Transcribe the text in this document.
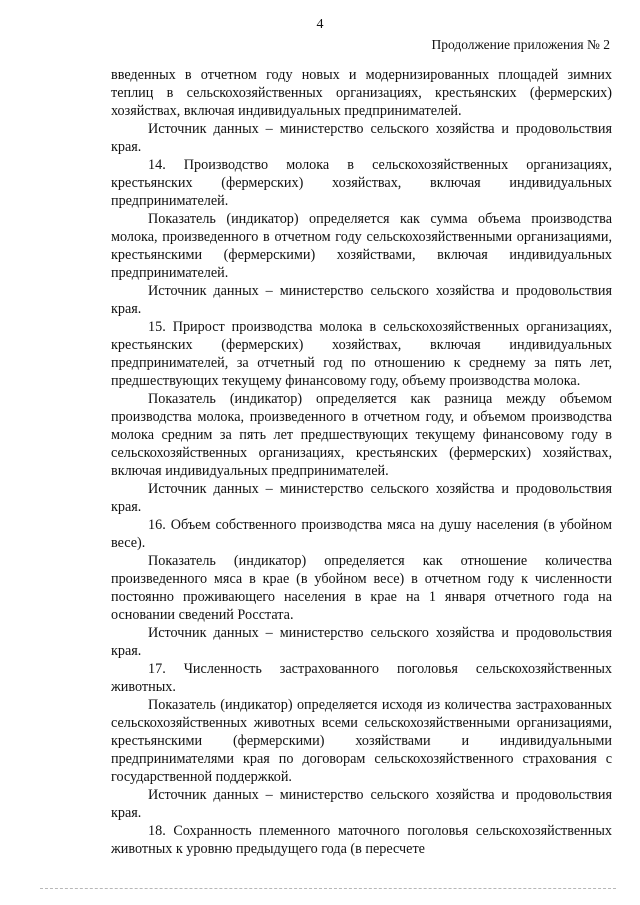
4
Продолжение приложения № 2

введенных в отчетном году новых и модернизированных площадей зимних теплиц в сельскохозяйственных организациях, крестьянских (фермерских) хозяйствах, включая индивидуальных предпринимателей.

Источник данных – министерство сельского хозяйства и продовольствия края.

14. Производство молока в сельскохозяйственных организациях, крестьянских (фермерских) хозяйствах, включая индивидуальных предпринимателей.

Показатель (индикатор) определяется как сумма объема производства молока, произведенного в отчетном году сельскохозяйственными организациями, крестьянскими (фермерскими) хозяйствами, включая индивидуальных предпринимателей.

Источник данных – министерство сельского хозяйства и продовольствия края.

15. Прирост производства молока в сельскохозяйственных организациях, крестьянских (фермерских) хозяйствах, включая индивидуальных предпринимателей, за отчетный год по отношению к среднему за пять лет, предшествующих текущему финансовому году, объему производства молока.

Показатель (индикатор) определяется как разница между объемом производства молока, произведенного в отчетном году, и объемом производства молока средним за пять лет предшествующих текущему финансовому году в сельскохозяйственных организациях, крестьянских (фермерских) хозяйствах, включая индивидуальных предпринимателей.

Источник данных – министерство сельского хозяйства и продовольствия края.

16. Объем собственного производства мяса на душу населения (в убойном весе).

Показатель (индикатор) определяется как отношение количества произведенного мяса в крае (в убойном весе) в отчетном году к численности постоянно проживающего населения в крае на 1 января отчетного года на основании сведений Росстата.

Источник данных – министерство сельского хозяйства и продовольствия края.

17. Численность застрахованного поголовья сельскохозяйственных животных.

Показатель (индикатор) определяется исходя из количества застрахованных сельскохозяйственных животных всеми сельскохозяйственными организациями, крестьянскими (фермерскими) хозяйствами и индивидуальными предпринимателями края по договорам сельскохозяйственного страхования с государственной поддержкой.

Источник данных – министерство сельского хозяйства и продовольствия края.

18. Сохранность племенного маточного поголовья сельскохозяйственных животных к уровню предыдущего года (в пересчете
